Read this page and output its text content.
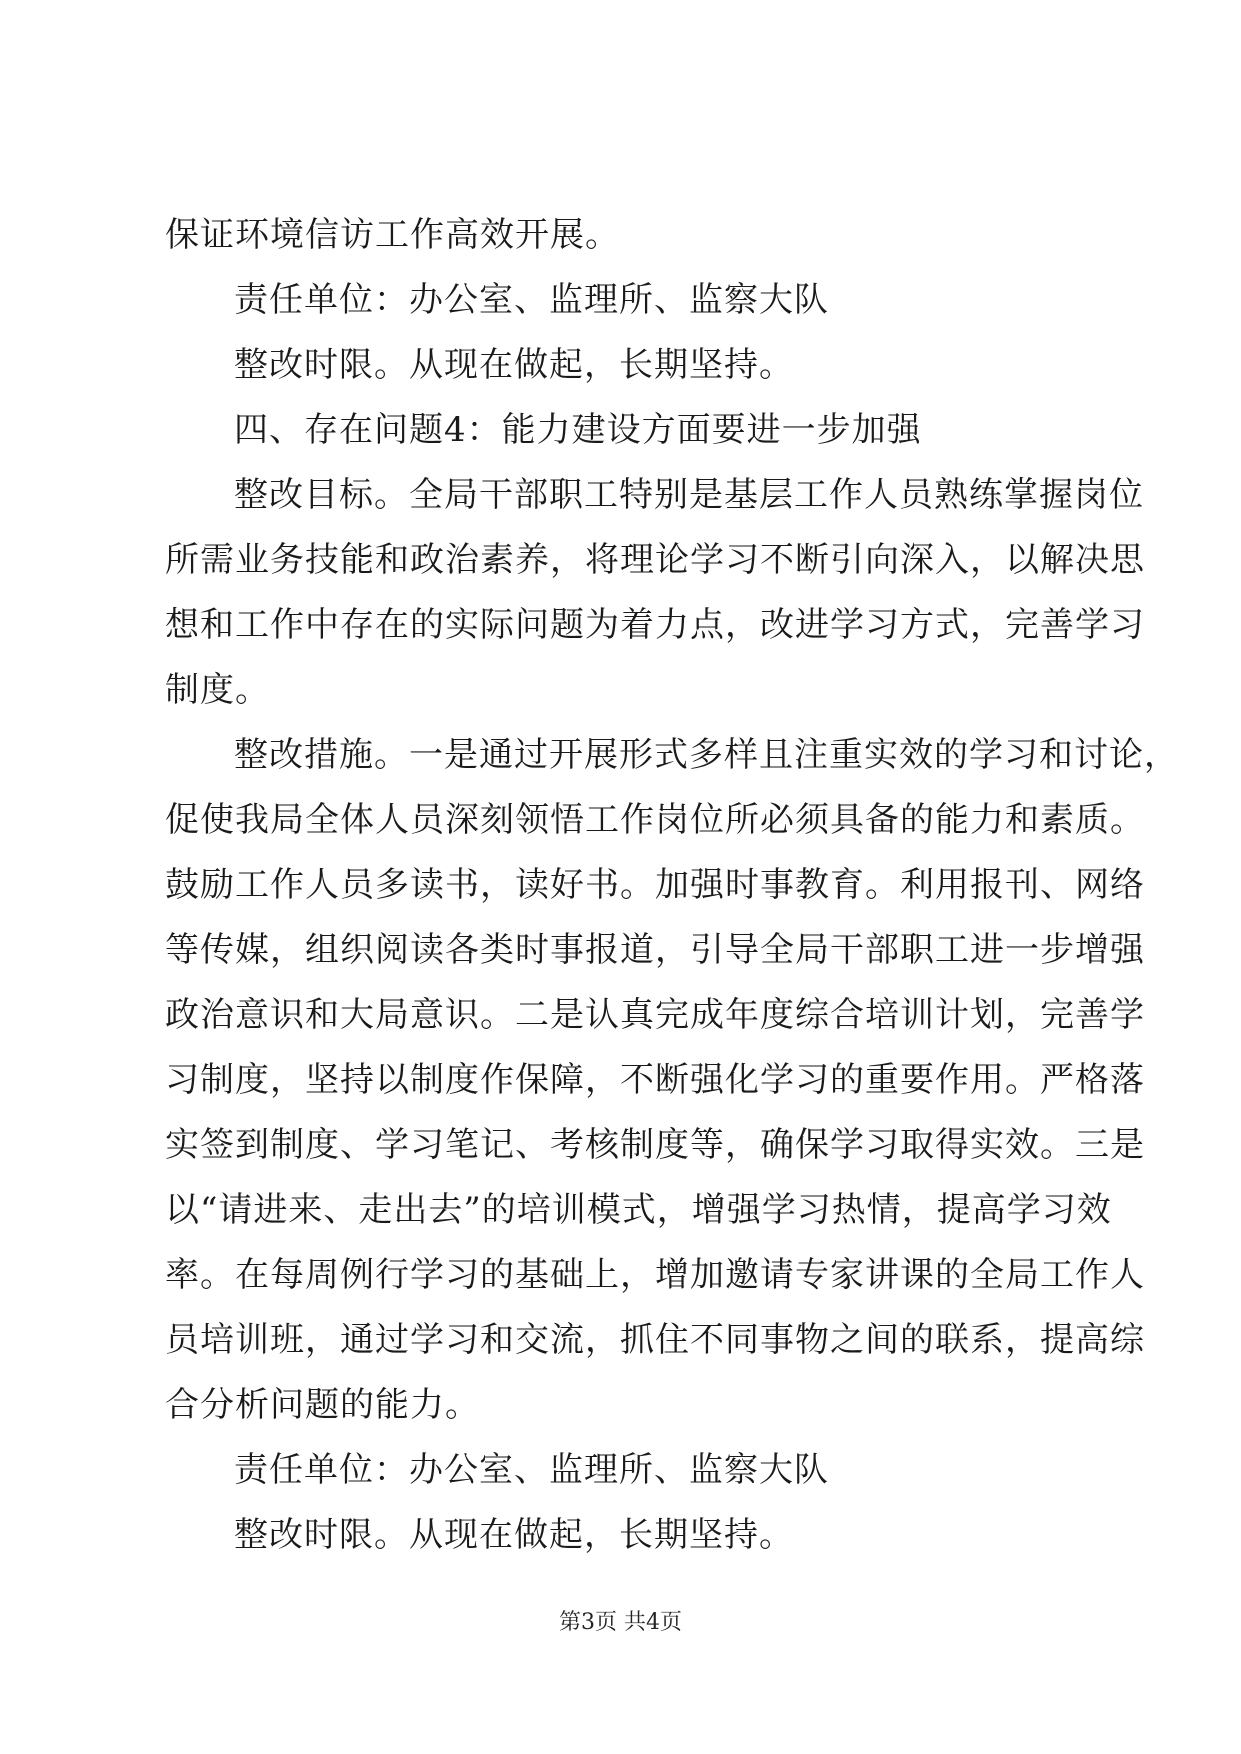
保证环境信访工作高效开展。
责任单位：办公室、监理所、监察大队
整改时限。从现在做起，长期坚持。
四、存在问题4：能力建设方面要进一步加强
整改目标。全局干部职工特别是基层工作人员熟练掌握岗位
所需业务技能和政治素养，将理论学习不断引向深入，以解决思
想和工作中存在的实际问题为着力点，改进学习方式，完善学习
制度。
整改措施。一是通过开展形式多样且注重实效的学习和讨论，
促使我局全体人员深刻领悟工作岗位所必须具备的能力和素质。
鼓励工作人员多读书，读好书。加强时事教育。利用报刊、网络
等传媒，组织阅读各类时事报道，引导全局干部职工进一步增强
政治意识和大局意识。二是认真完成年度综合培训计划，完善学
习制度，坚持以制度作保障，不断强化学习的重要作用。严格落
实签到制度、学习笔记、考核制度等，确保学习取得实效。三是
以“请进来、走出去”的培训模式，增强学习热情，提高学习效
率。在每周例行学习的基础上，增加邀请专家讲课的全局工作人
员培训班，通过学习和交流，抓住不同事物之间的联系，提高综
合分析问题的能力。
责任单位：办公室、监理所、监察大队
整改时限。从现在做起，长期坚持。
第3页 共4页
